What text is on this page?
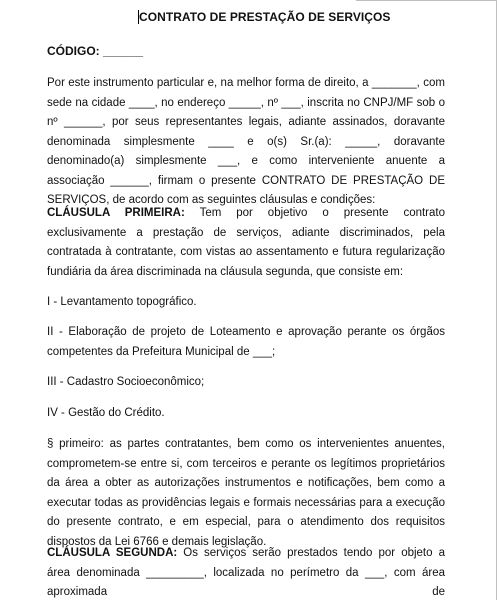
CONTRATO DE PRESTAÇÃO DE SERVIÇOS
CÓDIGO: ______

Por este instrumento particular e, na melhor forma de direito, a _______, com sede na cidade ____, no endereço _____, nº ___, inscrita no CNPJ/MF sob o nº ______, por seus representantes legais, adiante assinados, doravante denominada simplesmente ____ e o(s) Sr.(a): _____, doravante denominado(a) simplesmente ___, e como interveniente anuente a associação ______, firmam o presente CONTRATO DE PRESTAÇÃO DE SERVIÇOS, de acordo com as seguintes cláusulas e condições:

CLÁUSULA PRIMEIRA: Tem por objetivo o presente contrato exclusivamente a prestação de serviços, adiante discriminados, pela contratada à contratante, com vistas ao assentamento e futura regularização fundiária da área discriminada na cláusula segunda, que consiste em:

I - Levantamento topográfico.

II - Elaboração de projeto de Loteamento e aprovação perante os órgãos competentes da Prefeitura Municipal de ___;

III - Cadastro Socioeconômico;

IV - Gestão do Crédito.

§ primeiro: as partes contratantes, bem como os intervenientes anuentes, comprometem-se entre si, com terceiros e perante os legítimos proprietários da área a obter as autorizações instrumentos e notificações, bem como a executar todas as providências legais e formais necessárias para a execução do presente contrato, e em especial, para o atendimento dos requisitos dispostos da Lei 6766 e demais legislação.

CLÁUSULA SEGUNDA: Os serviços serão prestados tendo por objeto a área denominada _________, localizada no perímetro da ___, com área aproximada de
